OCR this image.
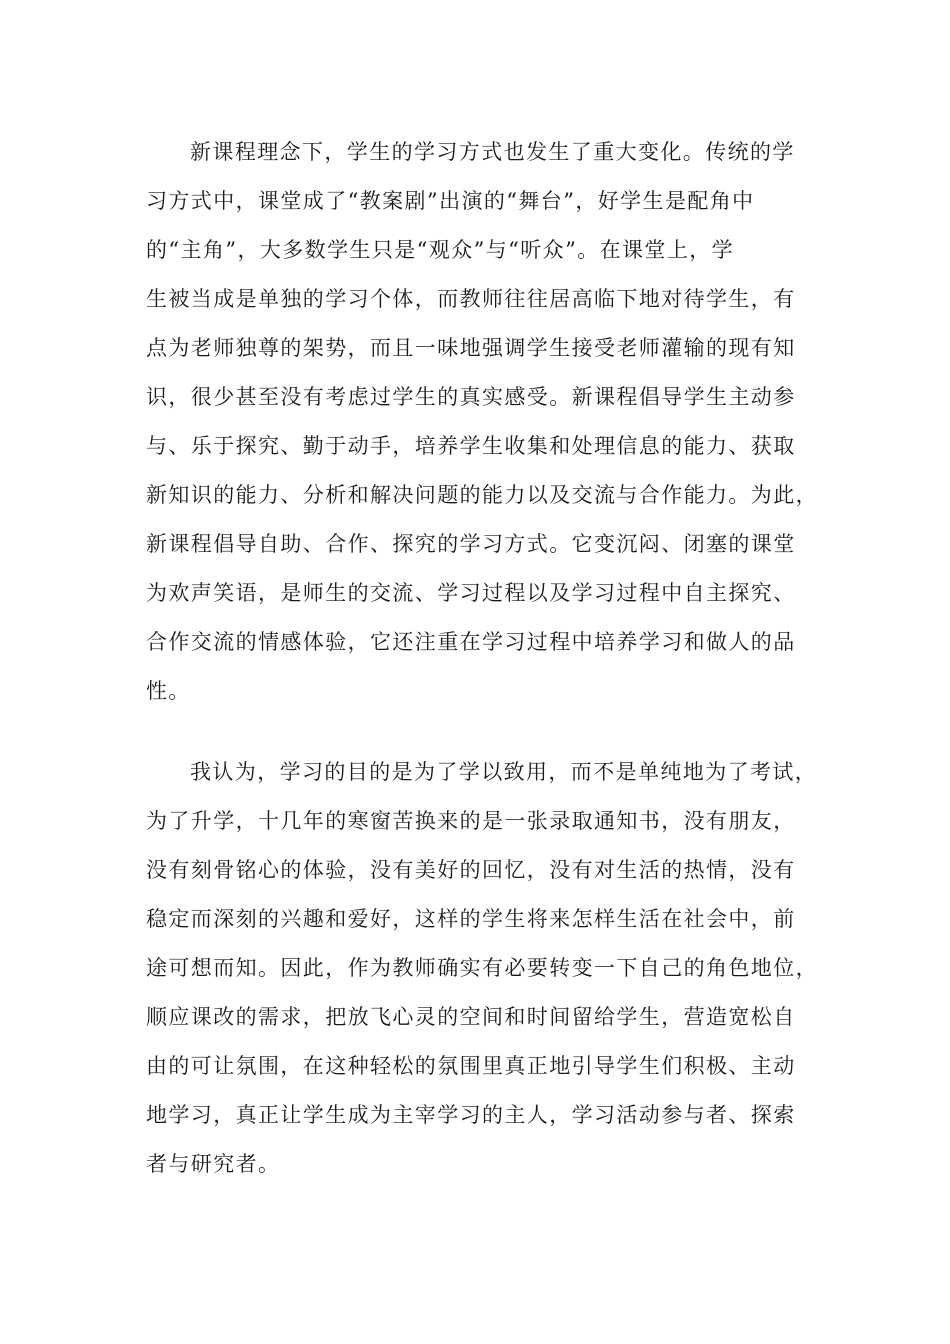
新课程理念下，学生的学习方式也发生了重大变化。传统的学
习方式中，课堂成了“教案剧”出演的“舞台”，好学生是配角中
的“主角”，大多数学生只是“观众”与“听众”。在课堂上，学
生被当成是单独的学习个体，而教师往往居高临下地对待学生，有
点为老师独尊的架势，而且一味地强调学生接受老师灌输的现有知
识，很少甚至没有考虑过学生的真实感受。新课程倡导学生主动参
与、乐于探究、勤于动手，培养学生收集和处理信息的能力、获取
新知识的能力、分析和解决问题的能力以及交流与合作能力。为此，
新课程倡导自助、合作、探究的学习方式。它变沉闷、闭塞的课堂
为欢声笑语，是师生的交流、学习过程以及学习过程中自主探究、
合作交流的情感体验，它还注重在学习过程中培养学习和做人的品
性。
我认为，学习的目的是为了学以致用，而不是单纯地为了考试，
为了升学，十几年的寒窗苦换来的是一张录取通知书，没有朋友，
没有刻骨铭心的体验，没有美好的回忆，没有对生活的热情，没有
稳定而深刻的兴趣和爱好，这样的学生将来怎样生活在社会中，前
途可想而知。因此，作为教师确实有必要转变一下自己的角色地位，
顺应课改的需求，把放飞心灵的空间和时间留给学生，营造宽松自
由的可让氛围，在这种轻松的氛围里真正地引导学生们积极、主动
地学习，真正让学生成为主宰学习的主人，学习活动参与者、探索
者与研究者。
